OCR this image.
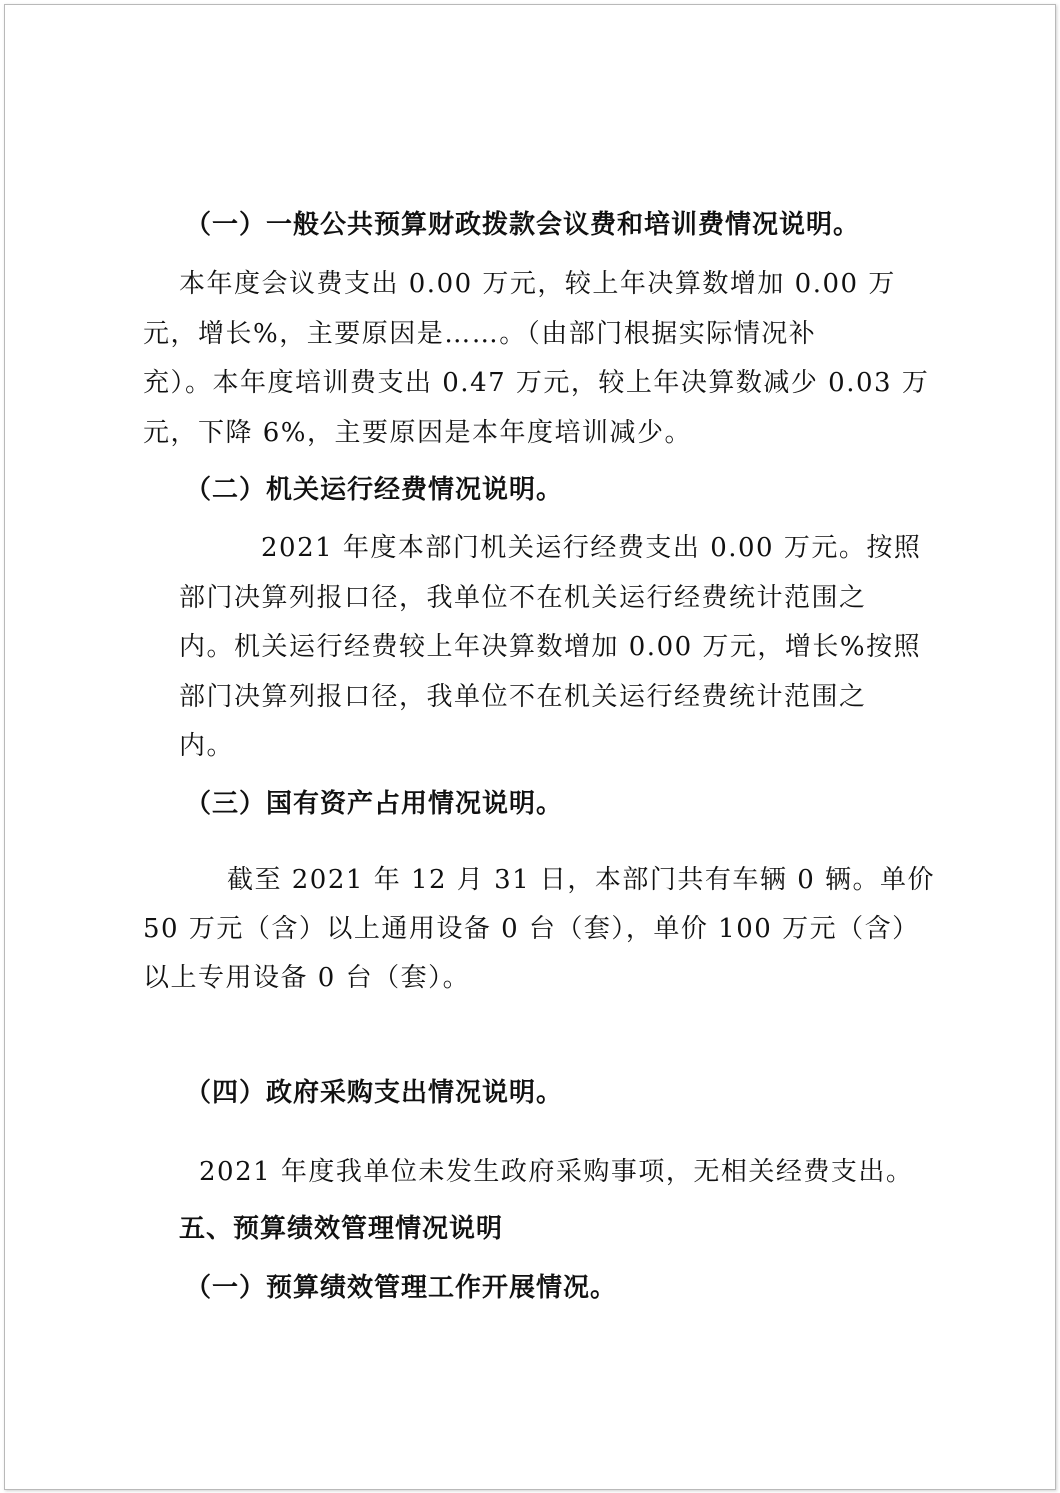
（一）一般公共预算财政拨款会议费和培训费情况说明。
本年度会议费支出 0.00 万元，较上年决算数增加 0.00 万
元，增长%，主要原因是……。（由部门根据实际情况补
充）。本年度培训费支出 0.47 万元，较上年决算数减少 0.03 万
元，下降 6%，主要原因是本年度培训减少。
（二）机关运行经费情况说明。
2021 年度本部门机关运行经费支出 0.00 万元。按照
部门决算列报口径，我单位不在机关运行经费统计范围之
内。机关运行经费较上年决算数增加 0.00 万元，增长%按照
部门决算列报口径，我单位不在机关运行经费统计范围之
内。
（三）国有资产占用情况说明。
截至 2021 年 12 月 31 日，本部门共有车辆 0 辆。单价
50 万元（含）以上通用设备 0 台（套），单价 100 万元（含）
以上专用设备 0 台（套）。
（四）政府采购支出情况说明。
2021 年度我单位未发生政府采购事项，无相关经费支出。
五、预算绩效管理情况说明
（一）预算绩效管理工作开展情况。
